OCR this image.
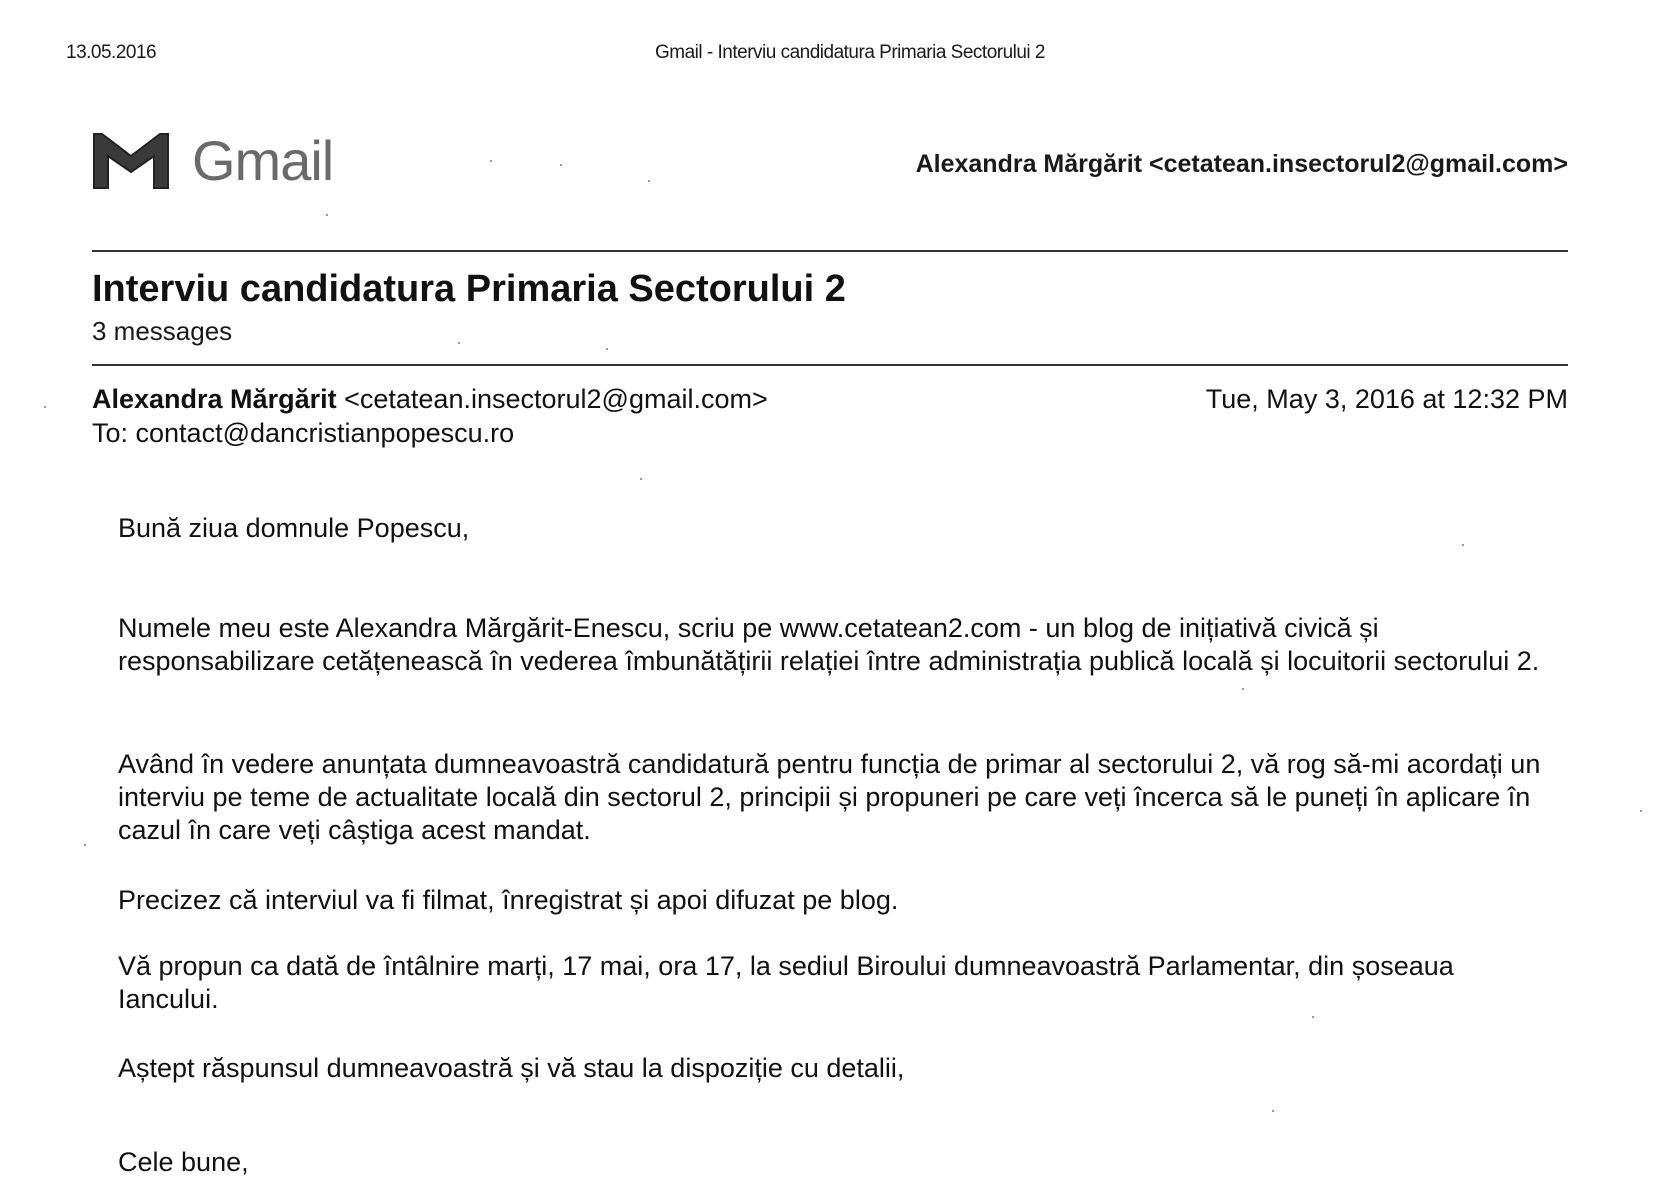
13.05.2016	Gmail - Interviu candidatura Primaria Sectorului 2
Gmail	Alexandra Mărgărit <cetatean.insectorul2@gmail.com>
Interviu candidatura Primaria Sectorului 2
3 messages
Alexandra Mărgărit <cetatean.insectorul2@gmail.com>	Tue, May 3, 2016 at 12:32 PM
To: contact@dancristianpopescu.ro
Bună ziua domnule Popescu,
Numele meu este Alexandra Mărgărit-Enescu, scriu pe www.cetatean2.com - un blog de inițiativă civică și responsabilizare cetățenească în vederea îmbunătățirii relației între administrația publică locală și locuitorii sectorului 2.
Având în vedere anunțata dumneavoastră candidatură pentru funcția de primar al sectorului 2, vă rog să-mi acordați un interviu pe teme de actualitate locală din sectorul 2, principii și propuneri pe care veți încerca să le puneți în aplicare în cazul în care veți câștiga acest mandat.
Precizez că interviul va fi filmat, înregistrat și apoi difuzat pe blog.
Vă propun ca dată de întâlnire marți, 17 mai, ora 17, la sediul Biroului dumneavoastră Parlamentar, din șoseaua Iancului.
Aștept răspunsul dumneavoastră și vă stau la dispoziție cu detalii,
Cele bune,
